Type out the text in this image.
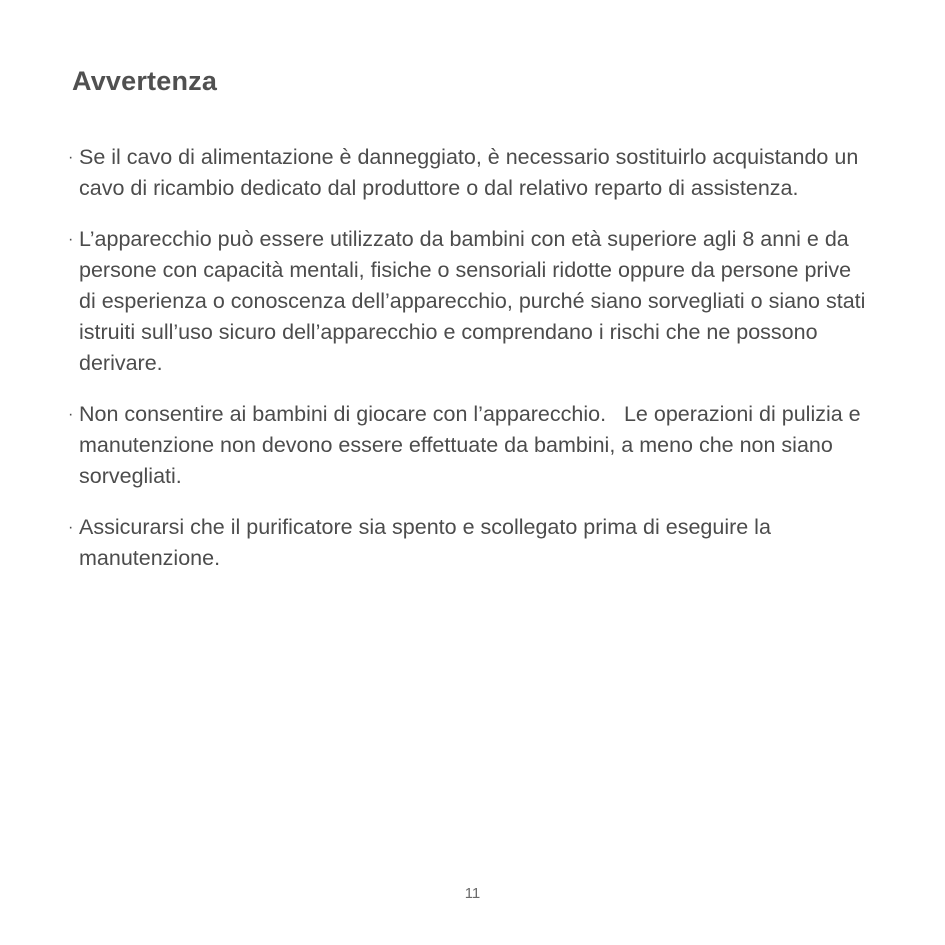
Avvertenza
· Se il cavo di alimentazione è danneggiato, è necessario sostituirlo acquistando un cavo di ricambio dedicato dal produttore o dal relativo reparto di assistenza.
· L’apparecchio può essere utilizzato da bambini con età superiore agli 8 anni e da persone con capacità mentali, fisiche o sensoriali ridotte oppure da persone prive di esperienza o conoscenza dell’apparecchio, purché siano sorvegliati o siano stati istruiti sull’uso sicuro dell’apparecchio e comprendano i rischi che ne possono derivare.
· Non consentire ai bambini di giocare con l’apparecchio.   Le operazioni di pulizia e manutenzione non devono essere effettuate da bambini, a meno che non siano sorvegliati.
· Assicurarsi che il purificatore sia spento e scollegato prima di eseguire la manutenzione.
11
